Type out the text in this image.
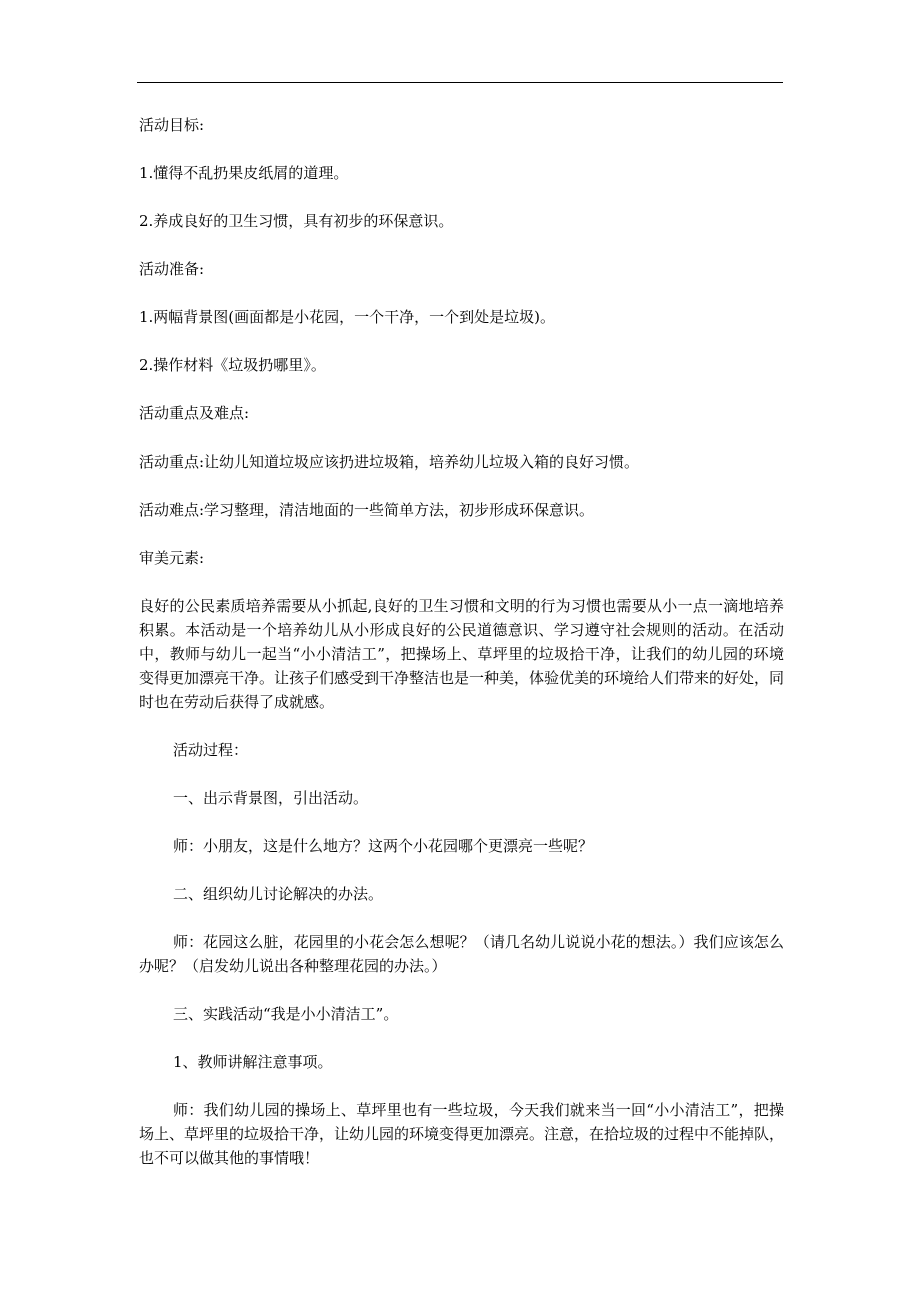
活动目标:
1.懂得不乱扔果皮纸屑的道理。
2.养成良好的卫生习惯，具有初步的环保意识。
活动准备:
1.两幅背景图(画面都是小花园，一个干净，一个到处是垃圾)。
2.操作材料《垃圾扔哪里》。
活动重点及难点:
活动重点:让幼儿知道垃圾应该扔进垃圾箱，培养幼儿垃圾入箱的良好习惯。
活动难点:学习整理，清洁地面的一些简单方法，初步形成环保意识。
审美元素:
良好的公民素质培养需要从小抓起,良好的卫生习惯和文明的行为习惯也需要从小一点一滴地培养积累。本活动是一个培养幼儿从小形成良好的公民道德意识、学习遵守社会规则的活动。在活动中，教师与幼儿一起当“小小清洁工”，把操场上、草坪里的垃圾拾干净，让我们的幼儿园的环境变得更加漂亮干净。让孩子们感受到干净整洁也是一种美，体验优美的环境给人们带来的好处，同时也在劳动后获得了成就感。
活动过程：
一、出示背景图，引出活动。
师：小朋友，这是什么地方？这两个小花园哪个更漂亮一些呢？
二、组织幼儿讨论解决的办法。
师：花园这么脏，花园里的小花会怎么想呢？（请几名幼儿说说小花的想法。）我们应该怎么办呢？（启发幼儿说出各种整理花园的办法。）
三、实践活动“我是小小清洁工”。
1、教师讲解注意事项。
师：我们幼儿园的操场上、草坪里也有一些垃圾，今天我们就来当一回“小小清洁工”，把操场上、草坪里的垃圾拾干净，让幼儿园的环境变得更加漂亮。注意，在拾垃圾的过程中不能掉队，也不可以做其他的事情哦！
